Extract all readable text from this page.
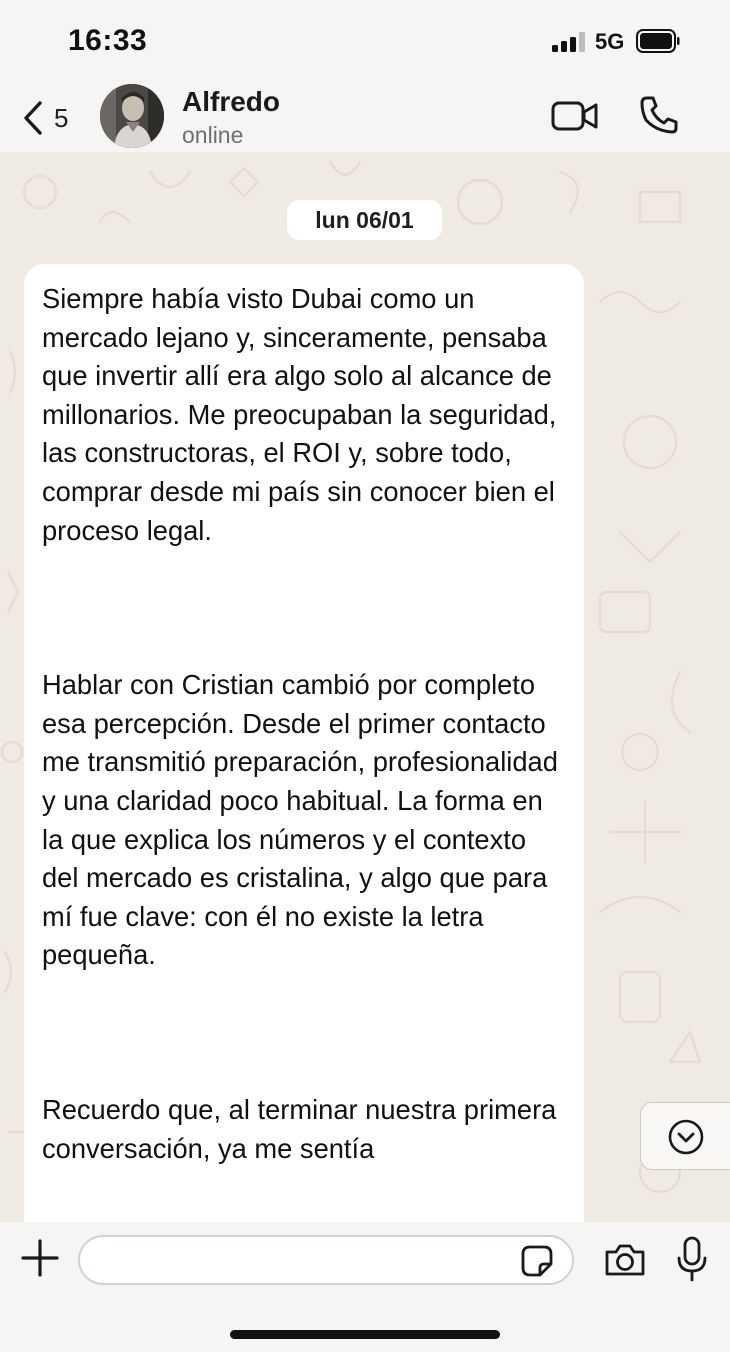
16:33	5G
5
Alfredo
online
lun 06/01

Siempre había visto Dubai como un mercado lejano y, sinceramente, pensaba que invertir allí era algo solo al alcance de millonarios. Me preocupaban la seguridad, las constructoras, el ROI y, sobre todo, comprar desde mi país sin conocer bien el proceso legal.

Hablar con Cristian cambió por completo esa percepción. Desde el primer contacto me transmitió preparación, profesionalidad y una claridad poco habitual. La forma en la que explica los números y el contexto del mercado es cristalina, y algo que para mí fue clave: con él no existe la letra pequeña.

Recuerdo que, al terminar nuestra primera conversación, ya me sentía
